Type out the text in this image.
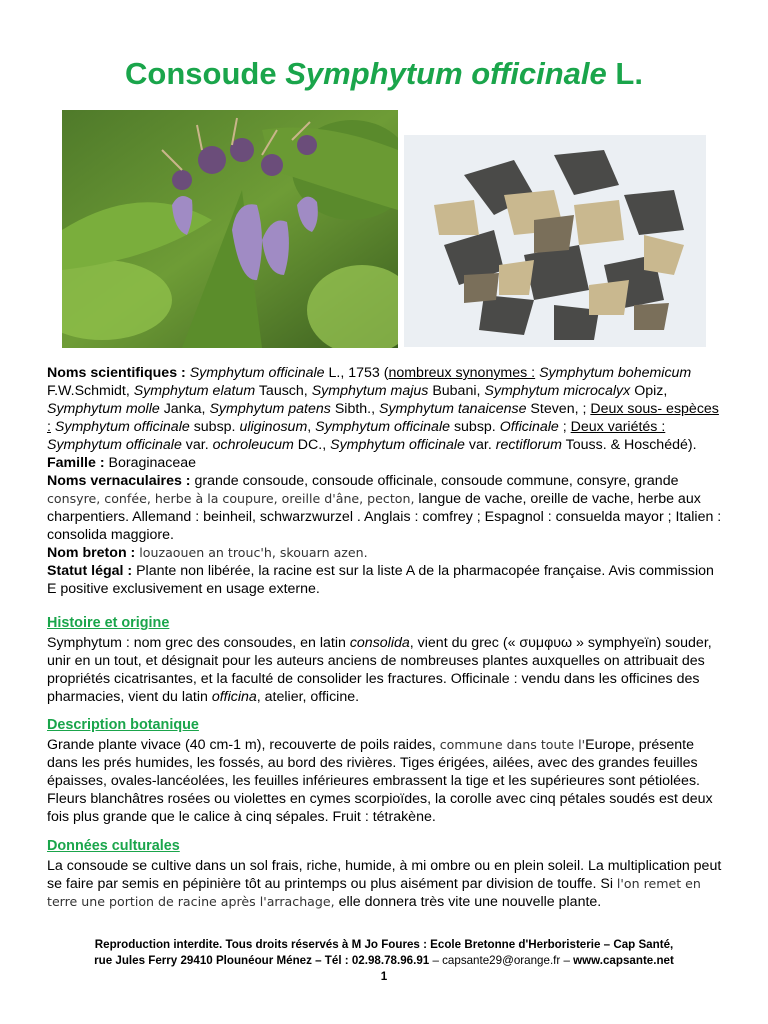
Consoude Symphytum officinale L.

Noms scientifiques : Symphytum officinale L., 1753 (nombreux synonymes : Symphytum bohemicum F.W.Schmidt, Symphytum elatum Tausch, Symphytum majus Bubani, Symphytum microcalyx Opiz, Symphytum molle Janka, Symphytum patens Sibth., Symphytum tanaicense Steven, ; Deux sous- espèces : Symphytum officinale subsp. uliginosum, Symphytum officinale subsp. Officinale ; Deux variétés : Symphytum officinale var. ochroleucum DC., Symphytum officinale var. rectiflorum Touss. & Hoschédé).

Famille : Boraginaceae

Noms vernaculaires : grande consoude, consoude officinale, consoude commune, consyre, grande consyre, confée, herbe à la coupure, oreille d'âne, pecton, langue de vache, oreille de vache, herbe aux charpentiers. Allemand : beinheil, schwarzwurzel . Anglais : comfrey ; Espagnol : consuelda mayor ; Italien : consolida maggiore.

Nom breton : louzaouen an trouc'h, skouarn azen.

Statut légal : Plante non libérée, la racine est sur la liste A de la pharmacopée française. Avis commission E positive exclusivement en usage externe.

Histoire et origine

Symphytum : nom grec des consoudes, en latin consolida, vient du grec (« συμφυω » symphyeïn) souder, unir en un tout, et désignait pour les auteurs anciens de nombreuses plantes auxquelles on attribuait des propriétés cicatrisantes, et la faculté de consolider les fractures. Officinale : vendu dans les officines des pharmacies, vient du latin officina, atelier, officine.

Description botanique

Grande plante vivace (40 cm-1 m), recouverte de poils raides, commune dans toute l'Europe, présente dans les prés humides, les fossés, au bord des rivières. Tiges érigées, ailées, avec des grandes feuilles épaisses, ovales-lancéolées, les feuilles inférieures embrassent la tige et les supérieures sont pétiolées. Fleurs blanchâtres rosées ou violettes en cymes scorpioïdes, la corolle avec cinq pétales soudés est deux fois plus grande que le calice à cinq sépales. Fruit : tétrakène.

Données culturales

La consoude se cultive dans un sol frais, riche, humide, à mi ombre ou en plein soleil. La multiplication peut se faire par semis en pépinière tôt au printemps ou plus aisément par division de touffe. Si l'on remet en terre une portion de racine après l'arrachage, elle donnera très vite une nouvelle plante.

Reproduction interdite. Tous droits réservés à M Jo Foures : Ecole Bretonne d'Herboristerie – Cap Santé,
rue Jules Ferry 29410 Plounéour Ménez – Tél : 02.98.78.96.91 – capsante29@orange.fr – www.capsante.net
1
